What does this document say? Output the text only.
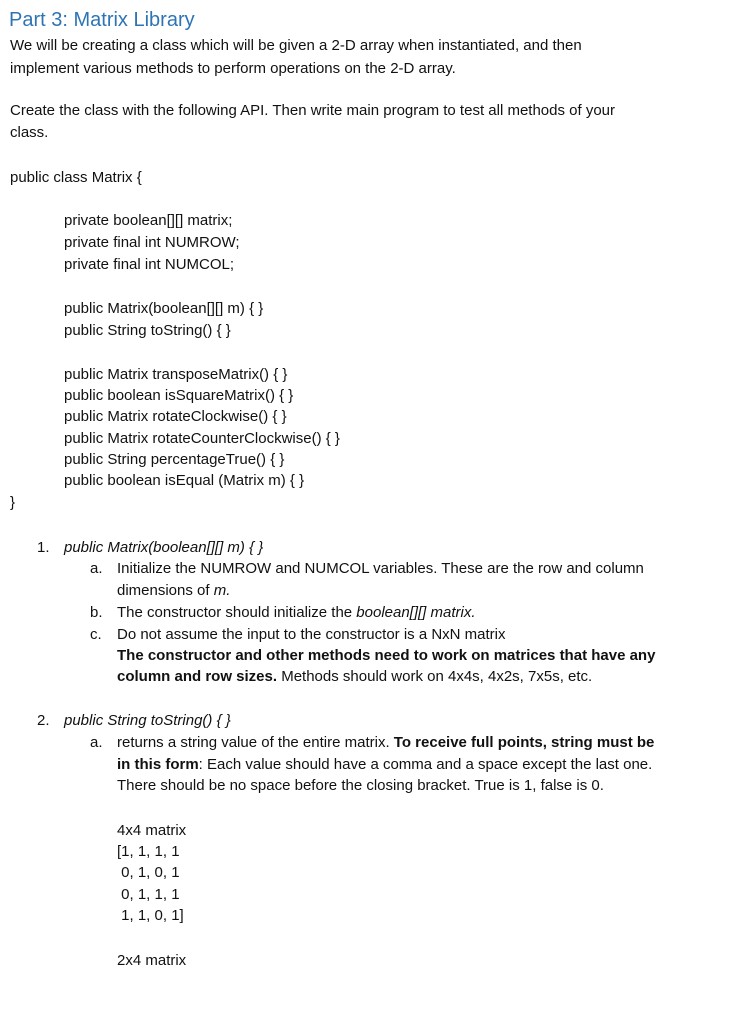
Part 3: Matrix Library
We will be creating a class which will be given a 2-D array when instantiated, and then
implement various methods to perform operations on the 2-D array.
Create the class with the following API. Then write main program to test all methods of your
class.
public class Matrix {
private boolean[][] matrix;
private final int NUMROW;
private final int NUMCOL;
public Matrix(boolean[][] m) { }
public String toString() { }
public Matrix transposeMatrix() { }
public boolean isSquareMatrix() { }
public Matrix rotateClockwise() { }
public Matrix rotateCounterClockwise() { }
public String percentageTrue() { }
public boolean isEqual (Matrix m) { }
}
1. public Matrix(boolean[][] m) { }
a. Initialize the NUMROW and NUMCOL variables. These are the row and column
dimensions of m.
b. The constructor should initialize the boolean[][] matrix.
c. Do not assume the input to the constructor is a NxN matrix
The constructor and other methods need to work on matrices that have any
column and row sizes. Methods should work on 4x4s, 4x2s, 7x5s, etc.
2. public String toString() { }
a. returns a string value of the entire matrix. To receive full points, string must be
in this form: Each value should have a comma and a space except the last one.
There should be no space before the closing bracket. True is 1, false is 0.
4x4 matrix
[1, 1, 1, 1
0, 1, 0, 1
0, 1, 1, 1
1, 1, 0, 1]
2x4 matrix
